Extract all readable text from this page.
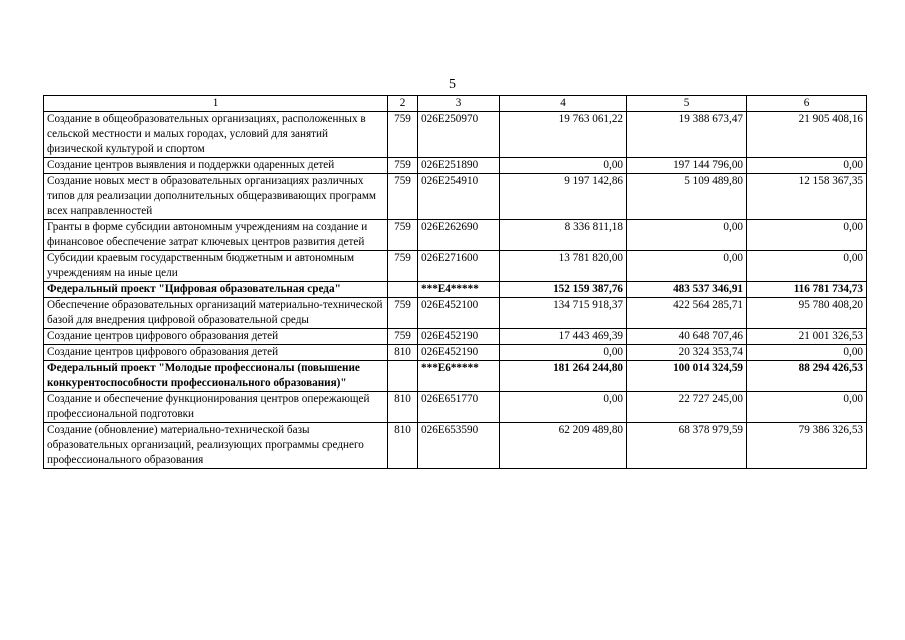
5
1	2	3	4	5	6
Создание в общеобразовательных организациях, расположенных в сельской местности и малых городах, условий для занятий физической культурой и спортом	759	026E250970	19 763 061,22	19 388 673,47	21 905 408,16
Создание центров выявления и поддержки одаренных детей	759	026E251890	0,00	197 144 796,00	0,00
Создание новых мест в образовательных организациях различных типов для реализации дополнительных общеразвивающих программ всех направленностей	759	026E254910	9 197 142,86	5 109 489,80	12 158 367,35
Гранты в форме субсидии автономным учреждениям на создание и финансовое обеспечение затрат ключевых центров развития детей	759	026E262690	8 336 811,18	0,00	0,00
Субсидии краевым государственным бюджетным и автономным учреждениям на иные цели	759	026E271600	13 781 820,00	0,00	0,00
Федеральный проект "Цифровая образовательная среда"		***E4*****	152 159 387,76	483 537 346,91	116 781 734,73
Обеспечение образовательных организаций материально-технической базой для внедрения цифровой образовательной среды	759	026E452100	134 715 918,37	422 564 285,71	95 780 408,20
Создание центров цифрового образования детей	759	026E452190	17 443 469,39	40 648 707,46	21 001 326,53
Создание центров цифрового образования детей	810	026E452190	0,00	20 324 353,74	0,00
Федеральный проект "Молодые профессионалы (повышение конкурентоспособности профессионального образования)"		***E6*****	181 264 244,80	100 014 324,59	88 294 426,53
Создание и обеспечение функционирования центров опережающей профессиональной подготовки	810	026E651770	0,00	22 727 245,00	0,00
Создание (обновление) материально-технической базы образовательных организаций, реализующих программы среднего профессионального образования	810	026E653590	62 209 489,80	68 378 979,59	79 386 326,53
